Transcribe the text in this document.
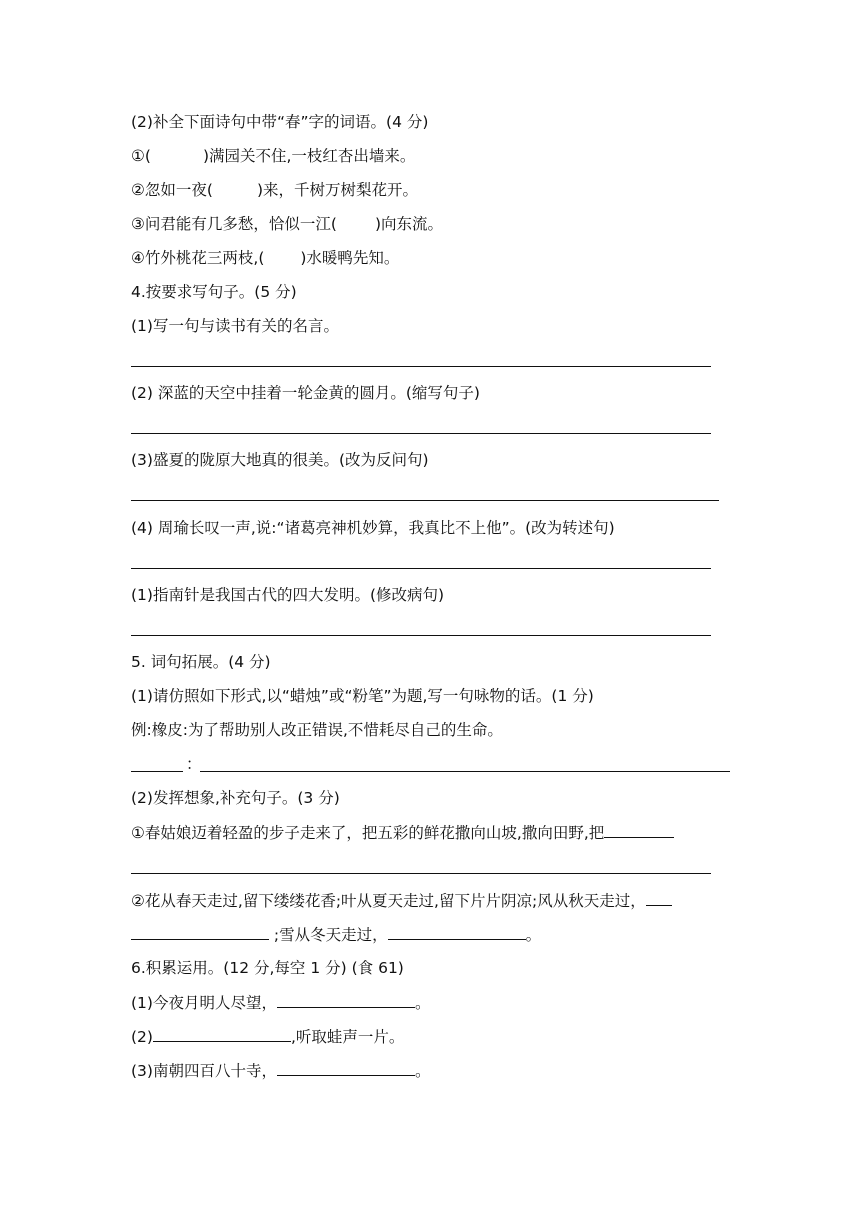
(2)补全下面诗句中带“春”字的词语。(4 分)
①(	)满园关不住,一枝红杏出墙来。
②忽如一夜(	)来，千树万树梨花开。
③问君能有几多愁，恰似一江( )向东流。
④竹外桃花三两枝,( )水暖鸭先知。
4.按要求写句子。(5 分)
(1)写一句与读书有关的名言。
(2) 深蓝的天空中挂着一轮金黄的圆月。(缩写句子)
(3)盛夏的陇原大地真的很美。(改为反问句)
(4) 周瑜长叹一声,说:“诸葛亮神机妙算，我真比不上他”。(改为转述句)
(1)指南针是我国古代的四大发明。(修改病句)
5. 词句拓展。(4 分)
(1)请仿照如下形式,以“蜡烛”或“粉笔”为题,写一句咏物的话。(1 分)
例:橡皮:为了帮助别人改正错误,不惜耗尽自己的生命。
：
(2)发挥想象,补充句子。(3 分)
①春姑娘迈着轻盈的步子走来了，把五彩的鲜花撒向山坡,撒向田野,把
②花从春天走过,留下缕缕花香;叶从夏天走过,留下片片阴凉;风从秋天走过，
;雪从冬天走过，	。
6.积累运用。(12 分,每空 1 分) (食 61)
(1)今夜月明人尽望，	。
(2)	,听取蛙声一片。
(3)南朝四百八十寺，	。
